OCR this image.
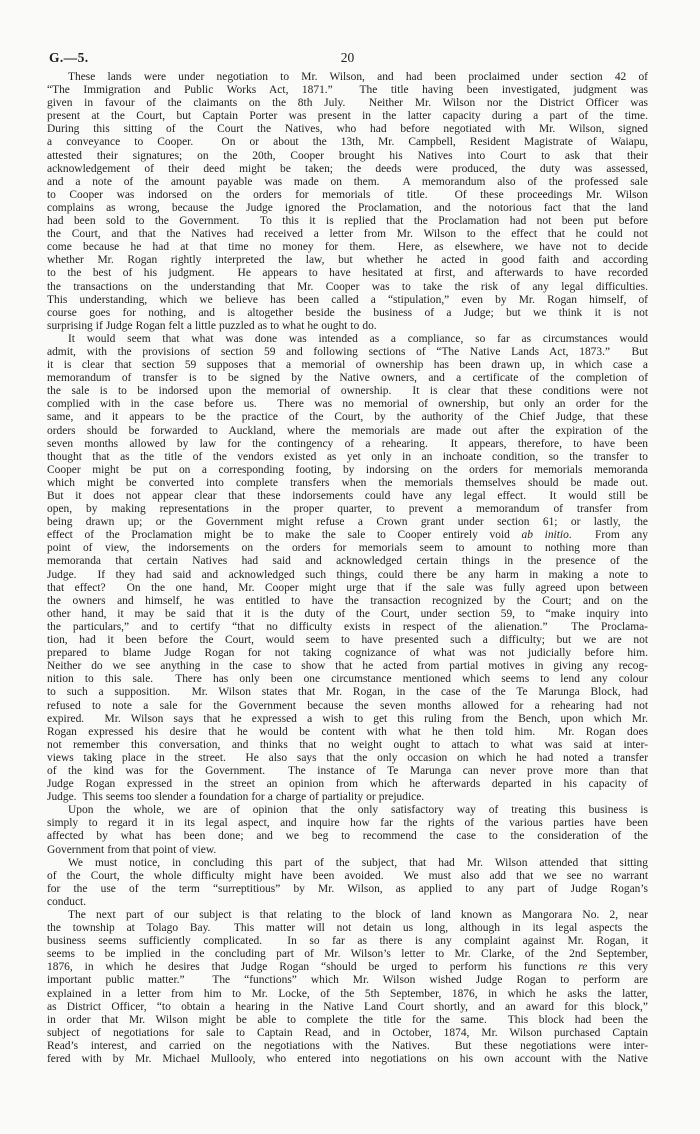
G.—5.	20
These lands were under negotiation to Mr. Wilson, and had been proclaimed under section 42 of
“The Immigration and Public Works Act, 1871.”  The title having been investigated, judgment was
given in favour of the claimants on the 8th July.  Neither Mr. Wilson nor the District Officer was
present at the Court, but Captain Porter was present in the latter capacity during a part of the time.
During this sitting of the Court the Natives, who had before negotiated with Mr. Wilson, signed
a conveyance to Cooper.  On or about the 13th, Mr. Campbell, Resident Magistrate of Waiapu,
attested their signatures; on the 20th, Cooper brought his Natives into Court to ask that their
acknowledgement of their deed might be taken; the deeds were produced, the duty was assessed,
and a note of the amount payable was made on them.  A memorandum also of the professed sale
to Cooper was indorsed on the orders for memorials of title.  Of these proceedings Mr. Wilson
complains as wrong, because the Judge ignored the Proclamation, and the notorious fact that the land
had been sold to the Government.  To this it is replied that the Proclamation had not been put before
the Court, and that the Natives had received a letter from Mr. Wilson to the effect that he could not
come because he had at that time no money for them.  Here, as elsewhere, we have not to decide
whether Mr. Rogan rightly interpreted the law, but whether he acted in good faith and according
to the best of his judgment.  He appears to have hesitated at first, and afterwards to have recorded
the transactions on the understanding that Mr. Cooper was to take the risk of any legal difficulties.
This understanding, which we believe has been called a “stipulation,” even by Mr. Rogan himself, of
course goes for nothing, and is altogether beside the business of a Judge; but we think it is not
surprising if Judge Rogan felt a little puzzled as to what he ought to do.
It would seem that what was done was intended as a compliance, so far as circumstances would
admit, with the provisions of section 59 and following sections of “The Native Lands Act, 1873.”  But
it is clear that section 59 supposes that a memorial of ownership has been drawn up, in which case a
memorandum of transfer is to be signed by the Native owners, and a certificate of the completion of
the sale is to be indorsed upon the memorial of ownership.  It is clear that these conditions were not
complied with in the case before us.  There was no memorial of ownership, but only an order for the
same, and it appears to be the practice of the Court, by the authority of the Chief Judge, that these
orders should be forwarded to Auckland, where the memorials are made out after the expiration of the
seven months allowed by law for the contingency of a rehearing.  It appears, therefore, to have been
thought that as the title of the vendors existed as yet only in an inchoate condition, so the transfer to
Cooper might be put on a corresponding footing, by indorsing on the orders for memorials memoranda
which might be converted into complete transfers when the memorials themselves should be made out.
But it does not appear clear that these indorsements could have any legal effect.  It would still be
open, by making representations in the proper quarter, to prevent a memorandum of transfer from
being drawn up; or the Government might refuse a Crown grant under section 61; or lastly, the
effect of the Proclamation might be to make the sale to Cooper entirely void ab initio.  From any
point of view, the indorsements on the orders for memorials seem to amount to nothing more than
memoranda that certain Natives had said and acknowledged certain things in the presence of the
Judge.  If they had said and acknowledged such things, could there be any harm in making a note to
that effect?  On the one hand, Mr. Cooper might urge that if the sale was fully agreed upon between
the owners and himself, he was entitled to have the transaction recognized by the Court; and on the
other hand, it may be said that it is the duty of the Court, under section 59, to “make inquiry into
the particulars,” and to certify “that no difficulty exists in respect of the alienation.”  The Proclama-
tion, had it been before the Court, would seem to have presented such a difficulty; but we are not
prepared to blame Judge Rogan for not taking cognizance of what was not judicially before him.
Neither do we see anything in the case to show that he acted from partial motives in giving any recog-
nition to this sale.  There has only been one circumstance mentioned which seems to lend any colour
to such a supposition.  Mr. Wilson states that Mr. Rogan, in the case of the Te Marunga Block, had
refused to note a sale for the Government because the seven months allowed for a rehearing had not
expired.  Mr. Wilson says that he expressed a wish to get this ruling from the Bench, upon which Mr.
Rogan expressed his desire that he would be content with what he then told him.  Mr. Rogan does
not remember this conversation, and thinks that no weight ought to attach to what was said at inter-
views taking place in the street.  He also says that the only occasion on which he had noted a transfer
of the kind was for the Government.  The instance of Te Marunga can never prove more than that
Judge Rogan expressed in the street an opinion from which he afterwards departed in his capacity of
Judge.  This seems too slender a foundation for a charge of partiality or prejudice.
Upon the whole, we are of opinion that the only satisfactory way of treating this business is
simply to regard it in its legal aspect, and inquire how far the rights of the various parties have been
affected by what has been done; and we beg to recommend the case to the consideration of the
Government from that point of view.
We must notice, in concluding this part of the subject, that had Mr. Wilson attended that sitting
of the Court, the whole difficulty might have been avoided.  We must also add that we see no warrant
for the use of the term “surreptitious” by Mr. Wilson, as applied to any part of Judge Rogan’s
conduct.
The next part of our subject is that relating to the block of land known as Mangorara No. 2, near
the township at Tolago Bay.  This matter will not detain us long, although in its legal aspects the
business seems sufficiently complicated.  In so far as there is any complaint against Mr. Rogan, it
seems to be implied in the concluding part of Mr. Wilson’s letter to Mr. Clarke, of the 2nd September,
1876, in which he desires that Judge Rogan “should be urged to perform his functions re this very
important public matter.”  The “functions” which Mr. Wilson wished Judge Rogan to perform are
explained in a letter from him to Mr. Locke, of the 5th September, 1876, in which he asks the latter,
as District Officer, “to obtain a hearing in the Native Land Court shortly, and an award for this block,”
in order that Mr. Wilson might be able to complete the title for the same.  This block had been the
subject of negotiations for sale to Captain Read, and in October, 1874, Mr. Wilson purchased Captain
Read’s interest, and carried on the negotiations with the Natives.  But these negotiations were inter-
fered with by Mr. Michael Mullooly, who entered into negotiations on his own account with the Native
